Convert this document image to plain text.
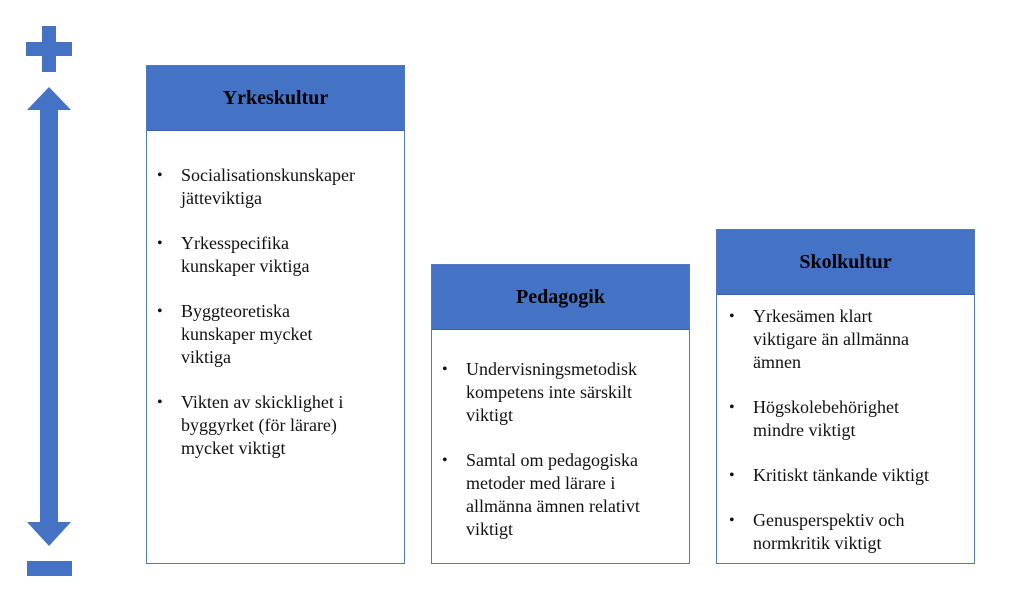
Yrkeskultur
• Socialisationskunskaper
jätteviktiga
• Yrkesspecifika
kunskaper viktiga
• Byggteoretiska
kunskaper mycket
viktiga
• Vikten av skicklighet i
byggyrket (för lärare)
mycket viktigt
Pedagogik
• Undervisningsmetodisk
kompetens inte särskilt
viktigt
• Samtal om pedagogiska
metoder med lärare i
allmänna ämnen relativt
viktigt
Skolkultur
• Yrkesämen klart
viktigare än allmänna
ämnen
• Högskolebehörighet
mindre viktigt
• Kritiskt tänkande viktigt
• Genusperspektiv och
normkritik viktigt
